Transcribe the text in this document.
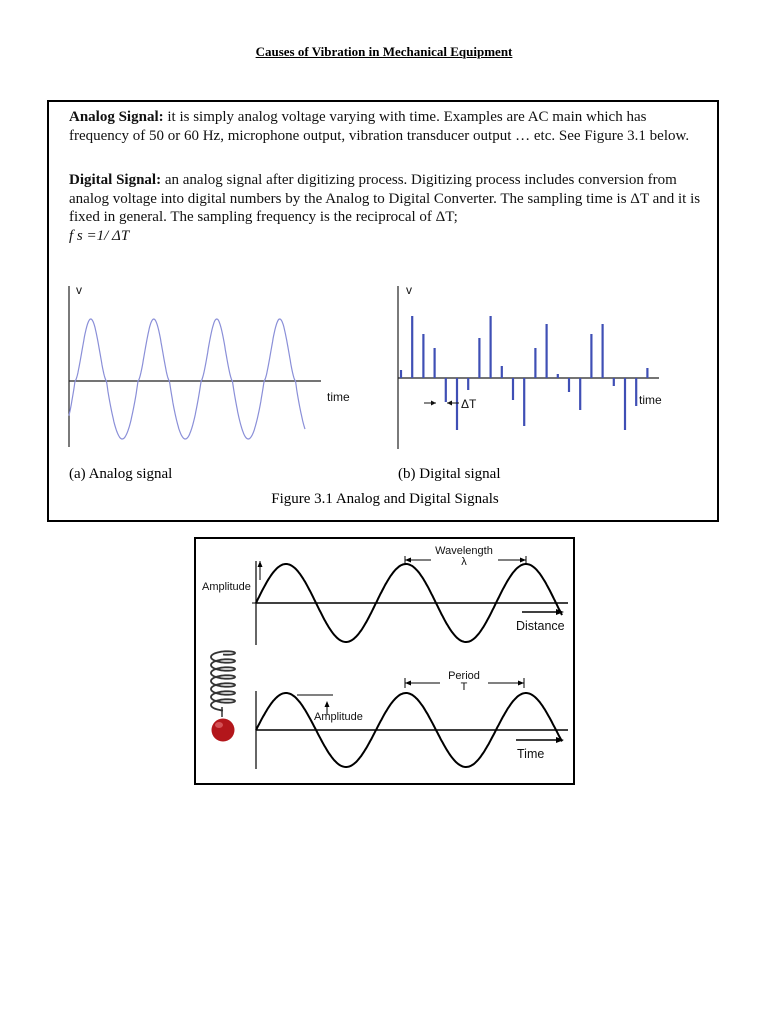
Causes of Vibration in Mechanical Equipment
Analog Signal: it is simply analog voltage varying with time. Examples are AC main which has frequency of 50 or 60 Hz, microphone output, vibration transducer output … etc. See Figure 3.1 below.
Digital Signal: an analog signal after digitizing process. Digitizing process includes conversion from analog voltage into digital numbers by the Analog to Digital Converter. The sampling time is ΔT and it is fixed in general. The sampling frequency is the reciprocal of ΔT;
f s =1/ ΔT
v
time
v
time
ΔT
(a) Analog signal	(b) Digital signal
Figure 3.1 Analog and Digital Signals
Amplitude
Wavelength
λ
Distance
Amplitude
Period
T
Time
